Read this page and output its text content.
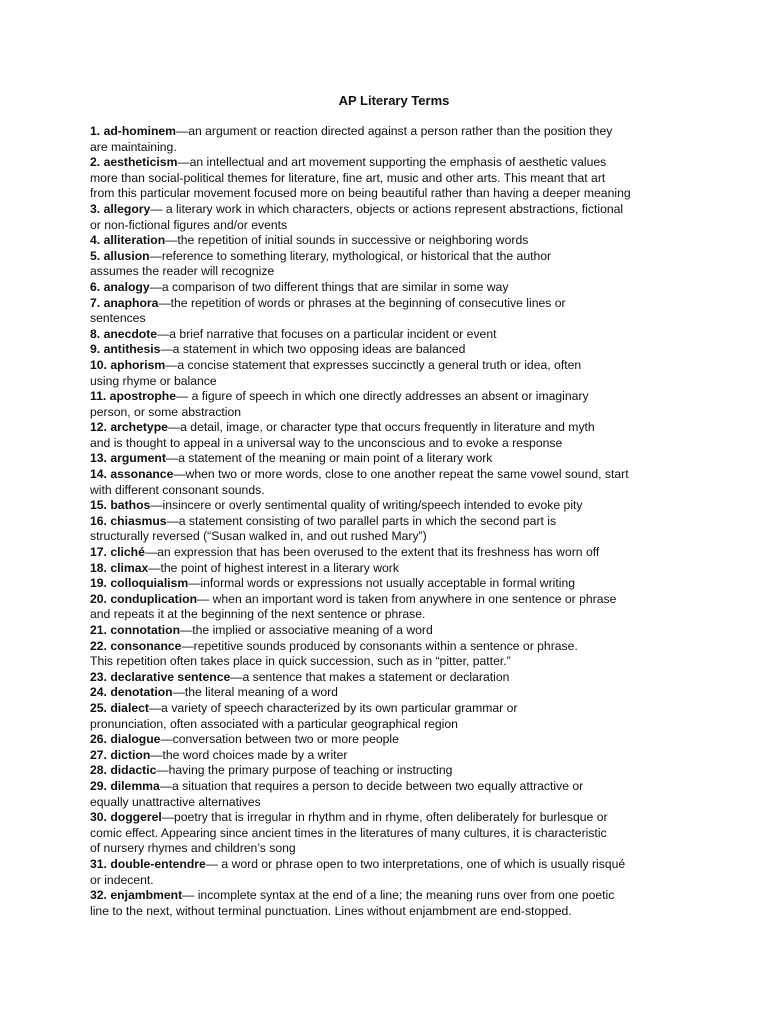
AP Literary Terms
1. ad-hominem—an argument or reaction directed against a person rather than the position they
are maintaining.
2. aestheticism—an intellectual and art movement supporting the emphasis of aesthetic values
more than social-political themes for literature, fine art, music and other arts. This meant that art
from this particular movement focused more on being beautiful rather than having a deeper meaning
3. allegory— a literary work in which characters, objects or actions represent abstractions, fictional
or non-fictional figures and/or events
4. alliteration—the repetition of initial sounds in successive or neighboring words
5. allusion—reference to something literary, mythological, or historical that the author
assumes the reader will recognize
6. analogy—a comparison of two different things that are similar in some way
7. anaphora—the repetition of words or phrases at the beginning of consecutive lines or
sentences
8. anecdote—a brief narrative that focuses on a particular incident or event
9. antithesis—a statement in which two opposing ideas are balanced
10. aphorism—a concise statement that expresses succinctly a general truth or idea, often
using rhyme or balance
11. apostrophe— a figure of speech in which one directly addresses an absent or imaginary
person, or some abstraction
12. archetype—a detail, image, or character type that occurs frequently in literature and myth
and is thought to appeal in a universal way to the unconscious and to evoke a response
13. argument—a statement of the meaning or main point of a literary work
14. assonance—when two or more words, close to one another repeat the same vowel sound, start
with different consonant sounds.
15. bathos—insincere or overly sentimental quality of writing/speech intended to evoke pity
16. chiasmus—a statement consisting of two parallel parts in which the second part is
structurally reversed (“Susan walked in, and out rushed Mary”)
17. cliché—an expression that has been overused to the extent that its freshness has worn off
18. climax—the point of highest interest in a literary work
19. colloquialism—informal words or expressions not usually acceptable in formal writing
20. conduplication— when an important word is taken from anywhere in one sentence or phrase
and repeats it at the beginning of the next sentence or phrase.
21. connotation—the implied or associative meaning of a word
22. consonance—repetitive sounds produced by consonants within a sentence or phrase.
This repetition often takes place in quick succession, such as in “pitter, patter.”
23. declarative sentence—a sentence that makes a statement or declaration
24. denotation—the literal meaning of a word
25. dialect—a variety of speech characterized by its own particular grammar or
pronunciation, often associated with a particular geographical region
26. dialogue—conversation between two or more people
27. diction—the word choices made by a writer
28. didactic—having the primary purpose of teaching or instructing
29. dilemma—a situation that requires a person to decide between two equally attractive or
equally unattractive alternatives
30. doggerel—poetry that is irregular in rhythm and in rhyme, often deliberately for burlesque or
comic effect. Appearing since ancient times in the literatures of many cultures, it is characteristic
of nursery rhymes and children’s song
31. double-entendre— a word or phrase open to two interpretations, one of which is usually risqué
or indecent.
32. enjambment— incomplete syntax at the end of a line; the meaning runs over from one poetic
line to the next, without terminal punctuation. Lines without enjambment are end-stopped.
